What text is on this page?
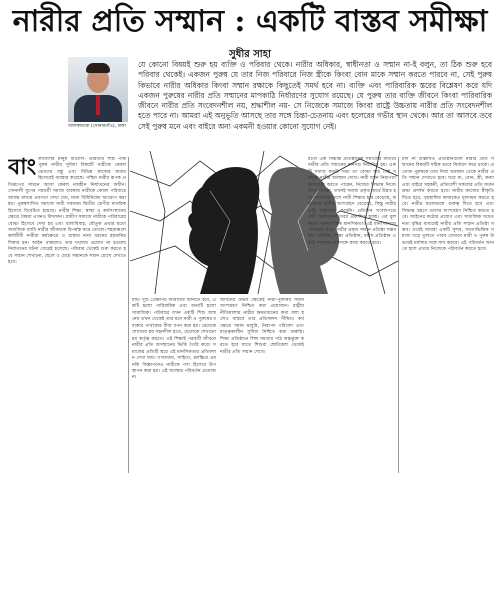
নারীর প্রতি সম্মান : একটি বাস্তব সমীক্ষা
সুধীর সাহা
আলকাতারা (সোনারগাঁও), ঢাকা
যে কোনো বিষয়ই শুরু হয় ব্যক্তি ও পরিবার থেকে। নারীর অধিকার, স্বাধীনতা ও সম্মান না-ই বলুন, তা ঠিক শুরু হবে পরিবার থেকেই। একজন পুরুষ যে তার নিজ পরিবারে নিজ স্ত্রীকে কিংবা বোন মাকে সম্মান করতে পারবে না, সেই পুরুষ কিভাবে নারীর অধিকার কিংবা সম্মান রক্ষাকে কিছুতেই সমর্থ হবে না। ব্যক্তি এবং পারিবারিক স্তরের বিশ্লেষণ করে যদি একজন পুরুষের নারীর প্রতি সম্মানের মাপকাঠি নির্ধারণের সুযোগ রয়েছে। যে পুরুষ তার ব্যক্তি জীবনে কিংবা পারিবারিক জীবনে নারীর প্রতি সংবেদনশীল নয়, শ্রদ্ধাশীল নয়- সে নিজেকে সমাজে কিংবা রাষ্ট্রে উচ্চতায় নারীর প্রতি সংবেদনশীল হতে পারে না। আমরা এই অনুভূতি আসছে তার সঙ্গে চিন্তা-চেতনায় এবং হলেরের গভীর স্থান থেকে। আর তা আসবে তবে সেই পুরুষ মনে এবং বাইরে অন্য একমনী হওয়ার কোনো সুযোগ নেই।
বাং লাদেশের মানুষ বাঙালি- ভারতীয় শাস্ত্র পাক পুরুষ নারীর সুবিধা বিষয়টি নারীকে কেবল ভোগের বস্তু এবং বিভিন্ন কাজের মাধ্যম হিসেবেই ব্যবহার করেছে। পশ্চিম নারীর রূপক প্রতিরূপের সামনে আসা কেবল নামহীন নির্যাতনের অধীন। সোনালী যুগের পরবর্তী সমাজ ব্যবস্থায় নারীকে কেবল পরিবারে আবদ্ধ রাখার প্রবণতা দেখা দেয়, নানা বিধিনিষেধ আরোপ করা হয়। পুরুষশাসিত সমাজে নারী সবসময় দ্বিতীয় শ্রেণীর নাগরিক হিসেবে বিবেচিত হয়েছে। নারীর শিক্ষা, স্বাস্থ্য ও কর্মসংস্থানের ক্ষেত্রে বৈষম্য এখনও বিদ্যমান। গ্রামীণ সমাজে নারীকে পরিবারের বোঝা হিসেবে দেখা হয় এবং বাল্যবিবাহ, যৌতুক প্রথার মতো সামাজিক ব্যাধি নারীর জীবনকে বিপর্যস্ত করে তোলে। শহরাঞ্চলে কর্মজীবী নারীরা কর্মক্ষেত্রে ও রাস্তায় নানা ধরনের হয়রানির শিকার হন। আইন থাকলেও তার যথাযথ প্রয়োগ না হওয়ায় নির্যাতনের ঘটনা বেড়েই চলেছে। পরিবার থেকেই শুরু করতে হবে সম্মান শেখানো, ছেলে ও মেয়ে সন্তানকে সমান চোখে দেখতে হবে।
যায়। দুটি প্রেক্ষাপট আমাদের জানতে হবে, একটি হলো পারিবারিক এবং অন্যটি হলো সামাজিক। পরিবারে যখন একটি শিশু জন্ম নেয় তখন থেকেই তার মনে নারী ও পুরুষের মধ্যকার পার্থক্যের বীজ বপন করা হয়। মেয়েকে শেখানো হয় সহনশীল হতে, ছেলেকে শেখানো হয় কর্তৃত্ব করতে। এই শিক্ষাই পরবর্তী জীবনে নারীর প্রতি অসম্মানের ভিত্তি তৈরি করে। সমাজের প্রতিটি স্তরে এই মানসিকতার প্রতিফলন দেখা যায়। গণমাধ্যম, সাহিত্য, চলচ্চিত্র এমনকি বিজ্ঞাপনেও নারীকে পণ্য হিসেবে উপস্থাপন করা হয়। এই অবস্থার পরিবর্তন প্রয়োজন।
জীবনের উভয় ক্ষেত্রেই নারী-পুরুষের সমান অংশগ্রহণ নিশ্চিত করা প্রয়োজন। রাষ্ট্রীয় নীতিমালায় নারীর ক্ষমতায়নের কথা বলা হলেও বাস্তবে তার প্রতিফলন সীমিত। কর্মক্ষেত্রে সমান মজুরি, নিরাপদ পরিবেশ এবং মাতৃত্বকালীন সুবিধা নিশ্চিত করা জরুরি। শিক্ষা প্রতিষ্ঠানে লিঙ্গ সমতার পাঠ অন্তর্ভুক্ত করতে হবে যাতে শিশুরা ছোটবেলা থেকেই নারীর প্রতি সম্মান শেখে।
মতো এক সিদ্ধান্ত প্রতিষ্ঠানিক সমাজের মাধ্যমে নারীর প্রতি সম্মানের মানদণ্ড নির্ধারিত হয়। একটি সমাজ কতটা সভ্য তা বোঝা যায় সেই সমাজে নারীর অবস্থান দেখে। নারী যখন নিরাপদে চলাফেরা করতে পারেন, নিজের সিদ্ধান্ত নিজে নিতে পারেন, তখনই সমাজ প্রকৃত অর্থে উন্নত হয়। আমাদের দেশে নারী শিক্ষার হার বেড়েছে, কর্মক্ষেত্রে নারীর অংশগ্রহণ বেড়েছে, কিন্তু নারীর প্রতি সহিংসতা কমেনি। প্রতিদিন সংবাদপত্রে নারী নির্যাতনের খবর প্রকাশিত হচ্ছে। এর মূল কারণ পুরুষতান্ত্রিক মানসিকতা। এই মানসিকতার পরিবর্তন ছাড়া নারীর প্রকৃত সম্মান প্রতিষ্ঠা সম্ভব নয়। পরিবার, শিক্ষা প্রতিষ্ঠান, ধর্মীয় প্রতিষ্ঠান ও রাষ্ট্র সকলকে একসঙ্গে কাজ করতে হবে।
যদি না উল্লিখিত প্রতিষ্ঠানগুলি নারীর প্রতি সম্মানের বিষয়টি সঠিক ভাবে নির্ধারণ করে থাকে। প্রত্যেক পুরুষকে তার নিজ অবস্থান থেকে নারীর প্রতি সম্মান দেখাতে হবে। ঘরে মা, বোন, স্ত্রী, কন্যা এবং বাইরে সহকর্মী, প্রতিবেশী সকলের প্রতি সমান শ্রদ্ধা প্রদর্শন করতে হবে। নারীর কাজের স্বীকৃতি দিতে হবে, গৃহস্থালির কাজকেও মূল্যায়ন করতে হবে। নারীর মতামতকে গুরুত্ব দিতে হবে এবং সিদ্ধান্ত গ্রহণে তাদের অংশগ্রহণ নিশ্চিত করতে হবে। আইনের কঠোর প্রয়োগ এবং সামাজিক সচেতনতা বৃদ্ধির মাধ্যমেই নারীর প্রতি সম্মান প্রতিষ্ঠা সম্ভব। তবেই আমরা একটি সুন্দর, সমতাভিত্তিক সমাজ গড়ে তুলতে পারব যেখানে নারী ও পুরুষ উভয়েই মর্যাদার সঙ্গে বাস করবে। এই পরিবর্তন আনতে হলে প্রথমে নিজেকে পরিবর্তন করতে হবে।
